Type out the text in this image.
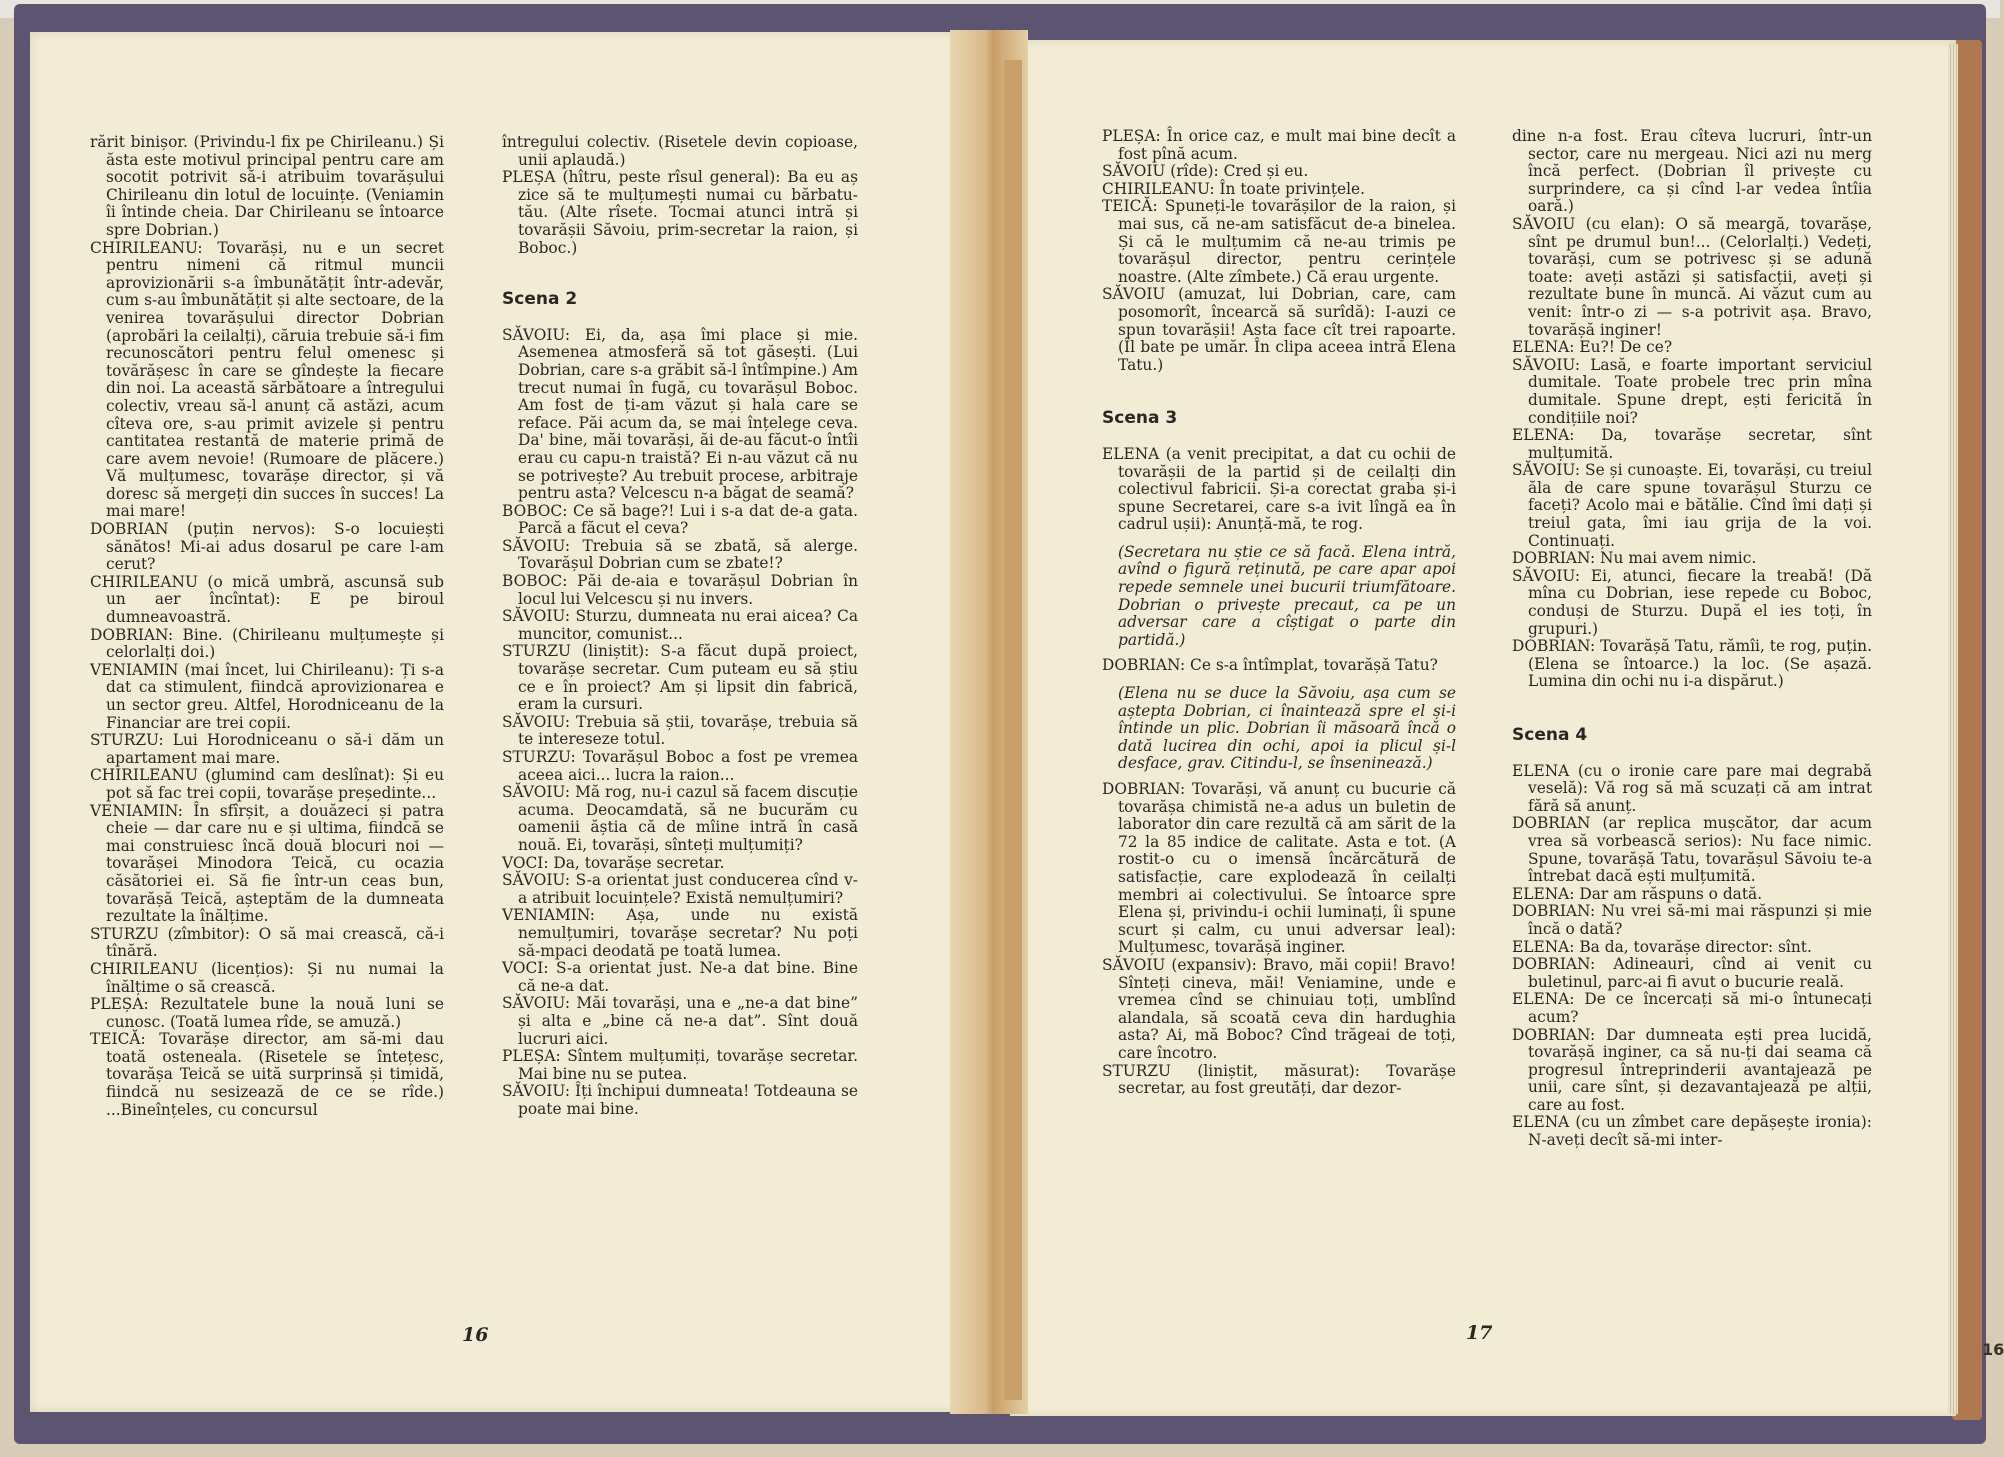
rărit binișor. (Privindu-l fix pe Chirileanu.) Și ăsta este motivul principal pentru care am socotit potrivit să-i atribuim tovarășului Chirileanu din lotul de locuințe. (Veniamin îi întinde cheia. Dar Chirileanu se întoarce spre Dobrian.)

CHIRILEANU: Tovarăși, nu e un secret pentru nimeni că ritmul muncii aprovizionării s-a îmbunătățit într-adevăr, cum s-au îmbunătățit și alte sectoare, de la venirea tovarășului director Dobrian (aprobări la ceilalți), căruia trebuie să-i fim recunoscători pentru felul omenesc și tovărășesc în care se gîndește la fiecare din noi. La această sărbătoare a întregului colectiv, vreau să-l anunț că astăzi, acum cîteva ore, s-au primit avizele și pentru cantitatea restantă de materie primă de care avem nevoie! (Rumoare de plăcere.) Vă mulțumesc, tovarășe director, și vă doresc să mergeți din succes în succes! La mai mare!

DOBRIAN (puțin nervos): S-o locuiești sănătos! Mi-ai adus dosarul pe care l-am cerut?

CHIRILEANU (o mică umbră, ascunsă sub un aer încîntat): E pe biroul dumneavoastră.

DOBRIAN: Bine. (Chirileanu mulțumește și celorlalți doi.)

VENIAMIN (mai încet, lui Chirileanu): Ți s-a dat ca stimulent, fiindcă aprovizionarea e un sector greu. Altfel, Horodniceanu de la Financiar are trei copii.

STURZU: Lui Horodniceanu o să-i dăm un apartament mai mare.

CHIRILEANU (glumind cam deslînat): Și eu pot să fac trei copii, tovarășe președinte...

VENIAMIN: În sfîrșit, a douăzeci și patra cheie — dar care nu e și ultima, fiindcă se mai construiesc încă două blocuri noi — tovarășei Minodora Teică, cu ocazia căsătoriei ei. Să fie într-un ceas bun, tovarășă Teică, așteptăm de la dumneata rezultate la înălțime.

STURZU (zîmbitor): O să mai crească, că-i tînără.

CHIRILEANU (licențios): Și nu numai la înălțime o să crească.

PLEȘA: Rezultatele bune la nouă luni se cunosc. (Toată lumea rîde, se amuză.)

TEICĂ: Tovarășe director, am să-mi dau toată osteneala. (Risetele se întețesc, tovarășa Teică se uită surprinsă și timidă, fiindcă nu sesizează de ce se rîde.) ...Bineînțeles, cu concursul

întregului colectiv. (Risetele devin copioase, unii aplaudă.)

PLEȘA (hîtru, peste rîsul general): Ba eu aș zice să te mulțumești numai cu bărbatu-tău. (Alte rîsete. Tocmai atunci intră și tovarășii Săvoiu, prim-secretar la raion, și Boboc.)

Scena 2

SĂVOIU: Ei, da, așa îmi place și mie. Asemenea atmosferă să tot găsești. (Lui Dobrian, care s-a grăbit să-l întîmpine.) Am trecut numai în fugă, cu tovarășul Boboc. Am fost de ți-am văzut și hala care se reface. Păi acum da, se mai înțelege ceva. Da' bine, măi tovarăși, ăi de-au făcut-o întîi erau cu capu-n traistă? Ei n-au văzut că nu se potrivește? Au trebuit procese, arbitraje pentru asta? Velcescu n-a băgat de seamă?

BOBOC: Ce să bage?! Lui i s-a dat de-a gata. Parcă a făcut el ceva?

SĂVOIU: Trebuia să se zbată, să alerge. Tovarășul Dobrian cum se zbate!?

BOBOC: Păi de-aia e tovarășul Dobrian în locul lui Velcescu și nu invers.

SĂVOIU: Sturzu, dumneata nu erai aicea? Ca muncitor, comunist...

STURZU (liniștit): S-a făcut după proiect, tovarășe secretar. Cum puteam eu să știu ce e în proiect? Am și lipsit din fabrică, eram la cursuri.

SĂVOIU: Trebuia să știi, tovarășe, trebuia să te intereseze totul.

STURZU: Tovarășul Boboc a fost pe vremea aceea aici... lucra la raion...

SĂVOIU: Mă rog, nu-i cazul să facem discuție acuma. Deocamdată, să ne bucurăm cu oamenii ăștia că de mîine intră în casă nouă. Ei, tovarăși, sînteți mulțumiți?

VOCI: Da, tovarășe secretar.

SĂVOIU: S-a orientat just conducerea cînd v-a atribuit locuințele? Există nemulțumiri?

VENIAMIN: Așa, unde nu există nemulțumiri, tovarășe secretar? Nu poți să-mpaci deodată pe toată lumea.

VOCI: S-a orientat just. Ne-a dat bine. Bine că ne-a dat.

SĂVOIU: Măi tovarăși, una e „ne-a dat bine” și alta e „bine că ne-a dat”. Sînt două lucruri aici.

PLEȘA: Sîntem mulțumiți, tovarășe secretar. Mai bine nu se putea.

SĂVOIU: Îți închipui dumneata! Totdeauna se poate mai bine.

16

PLEȘA: În orice caz, e mult mai bine decît a fost pînă acum.

SĂVOIU (rîde): Cred și eu.

CHIRILEANU: În toate privințele.

TEICĂ: Spuneți-le tovarășilor de la raion, și mai sus, că ne-am satisfăcut de-a binelea. Și că le mulțumim că ne-au trimis pe tovarășul director, pentru cerințele noastre. (Alte zîmbete.) Că erau urgente.

SĂVOIU (amuzat, lui Dobrian, care, cam posomorît, încearcă să surîdă): I-auzi ce spun tovarășii! Asta face cît trei rapoarte. (Îl bate pe umăr. În clipa aceea intră Elena Tatu.)

Scena 3

ELENA (a venit precipitat, a dat cu ochii de tovarășii de la partid și de ceilalți din colectivul fabricii. Și-a corectat graba și-i spune Secretarei, care s-a ivit lîngă ea în cadrul ușii): Anunță-mă, te rog.

(Secretara nu știe ce să facă. Elena intră, avînd o figură reținută, pe care apar apoi repede semnele unei bucurii triumfătoare. Dobrian o privește precaut, ca pe un adversar care a cîștigat o parte din partidă.)

DOBRIAN: Ce s-a întîmplat, tovarășă Tatu?

(Elena nu se duce la Săvoiu, așa cum se aștepta Dobrian, ci înaintează spre el și-i întinde un plic. Dobrian îi măsoară încă o dată lucirea din ochi, apoi ia plicul și-l desface, grav. Citindu-l, se înseninează.)

DOBRIAN: Tovarăși, vă anunț cu bucurie că tovarășa chimistă ne-a adus un buletin de laborator din care rezultă că am sărit de la 72 la 85 indice de calitate. Asta e tot. (A rostit-o cu o imensă încărcătură de satisfacție, care explodează în ceilalți membri ai colectivului. Se întoarce spre Elena și, privindu-i ochii luminați, îi spune scurt și calm, cu unui adversar leal): Mulțumesc, tovarășă inginer.

SĂVOIU (expansiv): Bravo, măi copii! Bravo! Sînteți cineva, măi! Veniamine, unde e vremea cînd se chinuiau toți, umblînd alandala, să scoată ceva din hardughia asta? Ai, mă Boboc? Cînd trăgeai de toți, care încotro.

STURZU (liniștit, măsurat): Tovarășe secretar, au fost greutăți, dar dezor-

dine n-a fost. Erau cîteva lucruri, într-un sector, care nu mergeau. Nici azi nu merg încă perfect. (Dobrian îl privește cu surprindere, ca și cînd l-ar vedea întîia oară.)

SĂVOIU (cu elan): O să meargă, tovarășe, sînt pe drumul bun!... (Celorlalți.) Vedeți, tovarăși, cum se potrivesc și se adună toate: aveți astăzi și satisfacții, aveți și rezultate bune în muncă. Ai văzut cum au venit: într-o zi — s-a potrivit așa. Bravo, tovarășă inginer!

ELENA: Eu?! De ce?

SĂVOIU: Lasă, e foarte important serviciul dumitale. Toate probele trec prin mîna dumitale. Spune drept, ești fericită în condițiile noi?

ELENA: Da, tovarășe secretar, sînt mulțumită.

SĂVOIU: Se și cunoaște. Ei, tovarăși, cu treiul ăla de care spune tovarășul Sturzu ce faceți? Acolo mai e bătălie. Cînd îmi dați și treiul gata, îmi iau grija de la voi. Continuați.

DOBRIAN: Nu mai avem nimic.

SĂVOIU: Ei, atunci, fiecare la treabă! (Dă mîna cu Dobrian, iese repede cu Boboc, conduși de Sturzu. După el ies toți, în grupuri.)

DOBRIAN: Tovarășă Tatu, rămîi, te rog, puțin. (Elena se întoarce.) la loc. (Se așază. Lumina din ochi nu i-a dispărut.)

Scena 4

ELENA (cu o ironie care pare mai degrabă veselă): Vă rog să mă scuzați că am intrat fără să anunț.

DOBRIAN (ar replica mușcător, dar acum vrea să vorbească serios): Nu face nimic. Spune, tovarășă Tatu, tovarășul Săvoiu te-a întrebat dacă ești mulțumită.

ELENA: Dar am răspuns o dată.

DOBRIAN: Nu vrei să-mi mai răspunzi și mie încă o dată?

ELENA: Ba da, tovarășe director: sînt.

DOBRIAN: Adineauri, cînd ai venit cu buletinul, parc-ai fi avut o bucurie reală.

ELENA: De ce încercați să mi-o întunecați acum?

DOBRIAN: Dar dumneata ești prea lucidă, tovarășă inginer, ca să nu-ți dai seama că progresul întreprinderii avantajează pe unii, care sînt, și dezavantajează pe alții, care au fost.

ELENA (cu un zîmbet care depășește ironia): N-aveți decît să-mi inter-

17
16
